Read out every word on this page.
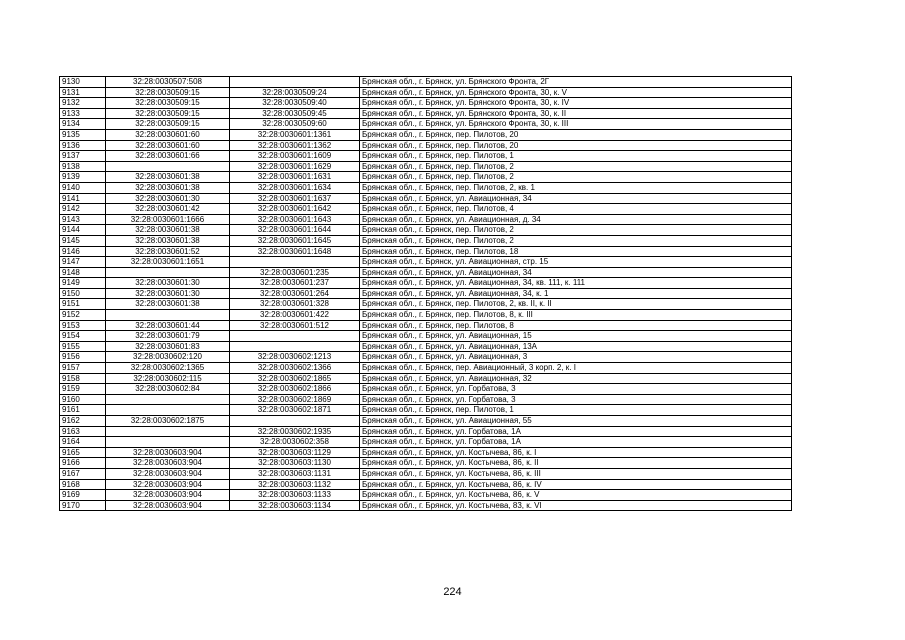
9130	32:28:0030507:508		Брянская обл., г. Брянск, ул. Брянского Фронта, 2Г
9131	32:28:0030509:15	32:28:0030509:24	Брянская обл., г. Брянск, ул. Брянского Фронта, 30, к. V
9132	32:28:0030509:15	32:28:0030509:40	Брянская обл., г. Брянск, ул. Брянского Фронта, 30, к. IV
9133	32:28:0030509:15	32:28:0030509:45	Брянская обл., г. Брянск, ул. Брянского Фронта, 30, к. II
9134	32:28:0030509:15	32:28:0030509:60	Брянская обл., г. Брянск, ул. Брянского Фронта, 30, к. III
9135	32:28:0030601:60	32:28:0030601:1361	Брянская обл., г. Брянск, пер. Пилотов, 20
9136	32:28:0030601:60	32:28:0030601:1362	Брянская обл., г. Брянск, пер. Пилотов, 20
9137	32:28:0030601:66	32:28:0030601:1609	Брянская обл., г. Брянск, пер. Пилотов, 1
9138		32:28:0030601:1629	Брянская обл., г. Брянск, пер. Пилотов, 2
9139	32:28:0030601:38	32:28:0030601:1631	Брянская обл., г. Брянск, пер. Пилотов, 2
9140	32:28:0030601:38	32:28:0030601:1634	Брянская обл., г. Брянск, пер. Пилотов, 2, кв. 1
9141	32:28:0030601:30	32:28:0030601:1637	Брянская обл., г. Брянск, ул. Авиационная, 34
9142	32:28:0030601:42	32:28:0030601:1642	Брянская обл., г. Брянск, пер. Пилотов, 4
9143	32:28:0030601:1666	32:28:0030601:1643	Брянская обл., г. Брянск, ул. Авиационная, д. 34
9144	32:28:0030601:38	32:28:0030601:1644	Брянская обл., г. Брянск, пер. Пилотов, 2
9145	32:28:0030601:38	32:28:0030601:1645	Брянская обл., г. Брянск, пер. Пилотов, 2
9146	32:28:0030601:52	32:28:0030601:1648	Брянская обл., г. Брянск, пер. Пилотов, 18
9147	32:28:0030601:1651		Брянская обл., г. Брянск, ул. Авиационная, стр. 15
9148		32:28:0030601:235	Брянская обл., г. Брянск, ул. Авиационная, 34
9149	32:28:0030601:30	32:28:0030601:237	Брянская обл., г. Брянск, ул. Авиационная, 34, кв. 111, к. 111
9150	32:28:0030601:30	32:28:0030601:264	Брянская обл., г. Брянск, ул. Авиационная, 34, к. 1
9151	32:28:0030601:38	32:28:0030601:328	Брянская обл., г. Брянск, пер. Пилотов, 2, кв. II, к. II
9152		32:28:0030601:422	Брянская обл., г. Брянск, пер. Пилотов, 8, к. III
9153	32:28:0030601:44	32:28:0030601:512	Брянская обл., г. Брянск, пер. Пилотов, 8
9154	32:28:0030601:79		Брянская обл., г. Брянск, ул. Авиационная, 15
9155	32:28:0030601:83		Брянская обл., г. Брянск, ул. Авиационная, 13А
9156	32:28:0030602:120	32:28:0030602:1213	Брянская обл., г. Брянск, ул. Авиационная, 3
9157	32:28:0030602:1365	32:28:0030602:1366	Брянская обл., г. Брянск, пер. Авиационный, 3 корп. 2, к. I
9158	32:28:0030602:115	32:28:0030602:1865	Брянская обл., г. Брянск, ул. Авиационная, 32
9159	32:28:0030602:84	32:28:0030602:1866	Брянская обл., г. Брянск, ул. Горбатова, 3
9160		32:28:0030602:1869	Брянская обл., г. Брянск, ул. Горбатова, 3
9161		32:28:0030602:1871	Брянская обл., г. Брянск, пер. Пилотов, 1
9162	32:28:0030602:1875		Брянская обл., г. Брянск, ул. Авиационная, 55
9163		32:28:0030602:1935	Брянская обл., г. Брянск, ул. Горбатова, 1А
9164		32:28:0030602:358	Брянская обл., г. Брянск, ул. Горбатова, 1А
9165	32:28:0030603:904	32:28:0030603:1129	Брянская обл., г. Брянск, ул. Костычева, 86, к. I
9166	32:28:0030603:904	32:28:0030603:1130	Брянская обл., г. Брянск, ул. Костычева, 86, к. II
9167	32:28:0030603:904	32:28:0030603:1131	Брянская обл., г. Брянск, ул. Костычева, 86, к. III
9168	32:28:0030603:904	32:28:0030603:1132	Брянская обл., г. Брянск, ул. Костычева, 86, к. IV
9169	32:28:0030603:904	32:28:0030603:1133	Брянская обл., г. Брянск, ул. Костычева, 86, к. V
9170	32:28:0030603:904	32:28:0030603:1134	Брянская обл., г. Брянск, ул. Костычева, 83, к. VI
224
